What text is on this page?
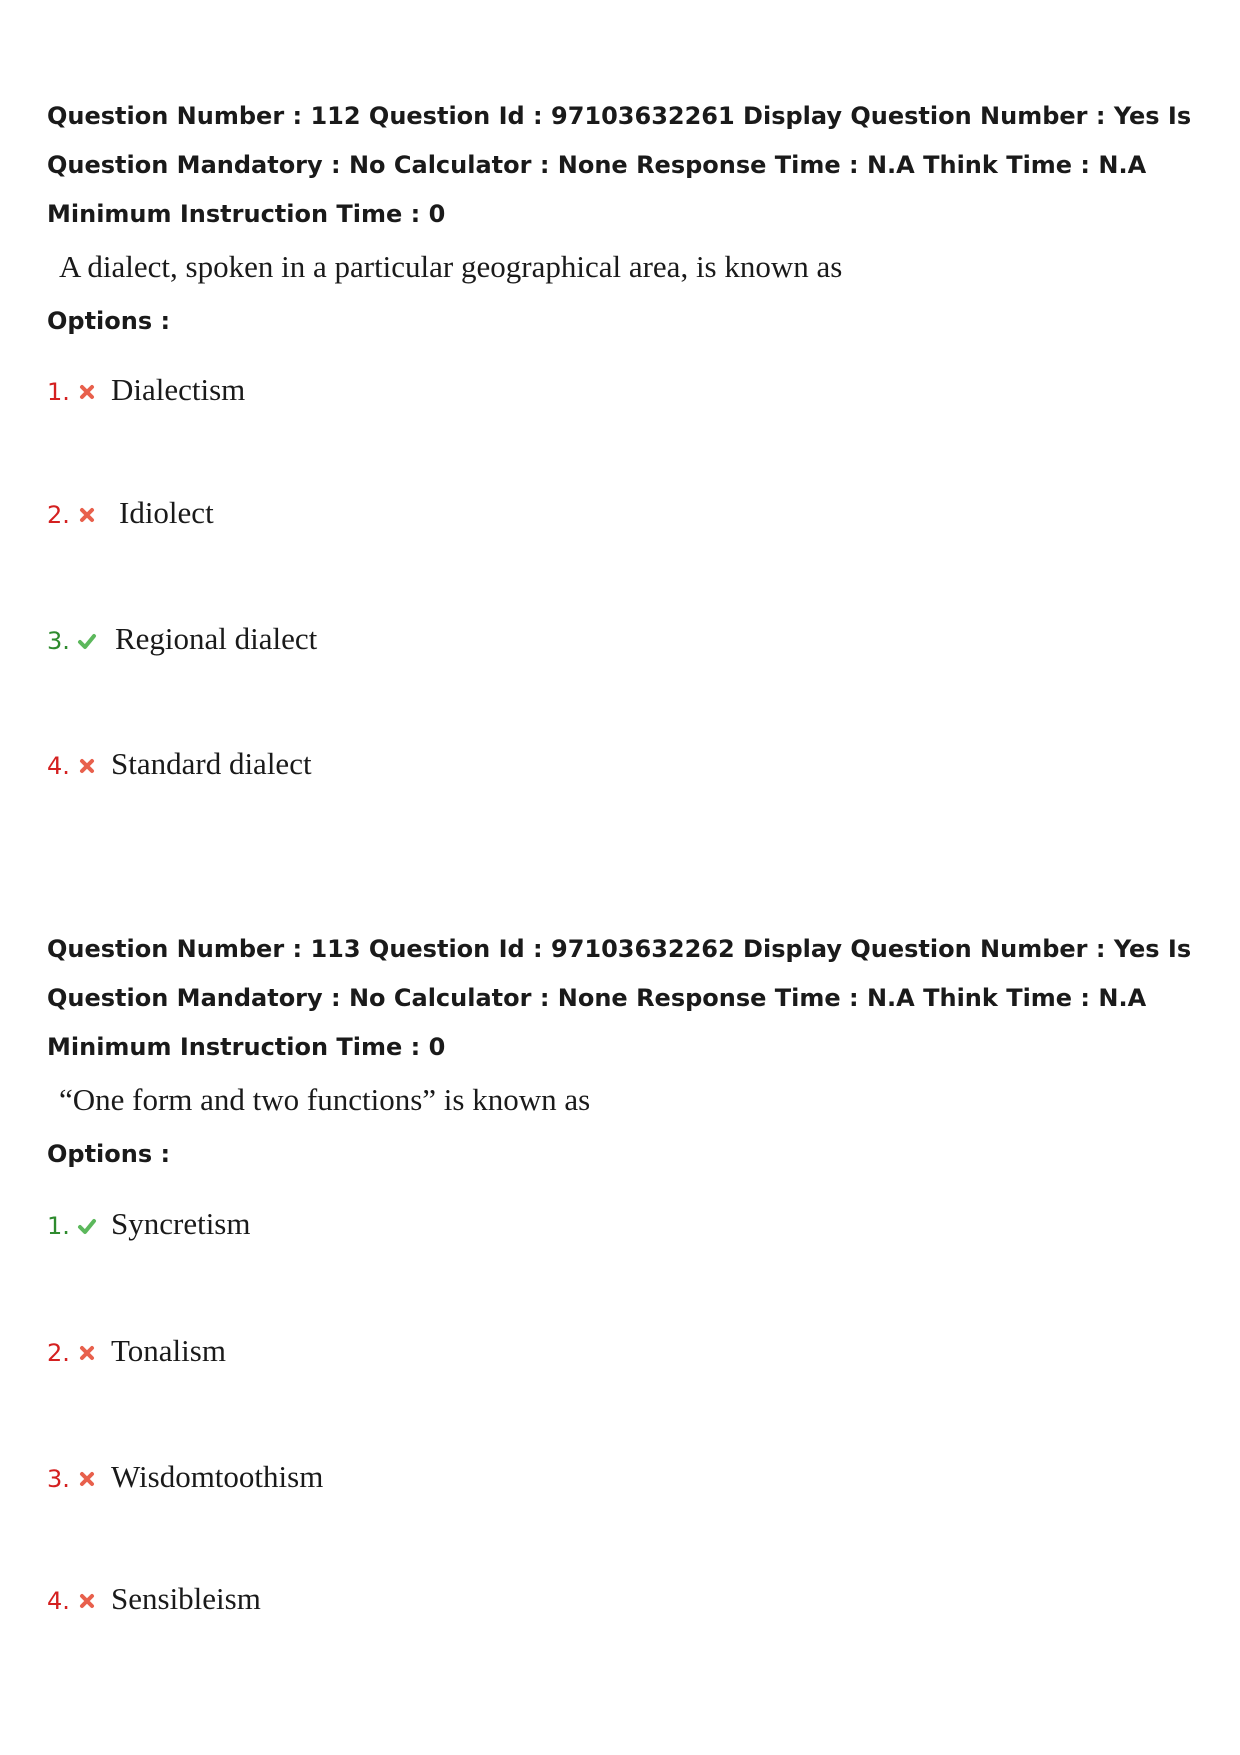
Question Number : 112 Question Id : 97103632261 Display Question Number : Yes Is Question Mandatory : No Calculator : None Response Time : N.A Think Time : N.A Minimum Instruction Time : 0

A dialect, spoken in a particular geographical area, is known as
Options :
1. Dialectism
2. Idiolect
3. Regional dialect
4. Standard dialect

Question Number : 113 Question Id : 97103632262 Display Question Number : Yes Is Question Mandatory : No Calculator : None Response Time : N.A Think Time : N.A Minimum Instruction Time : 0

“One form and two functions” is known as
Options :
1. Syncretism
2. Tonalism
3. Wisdomtoothism
4. Sensibleism
